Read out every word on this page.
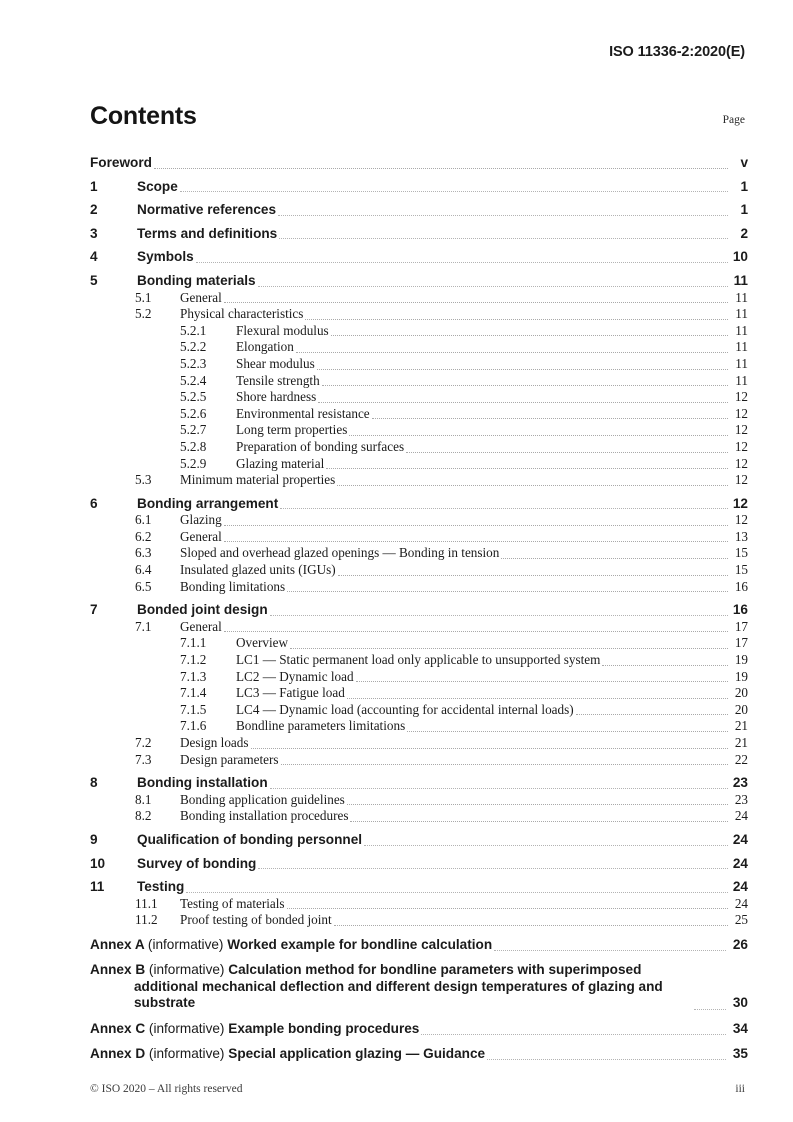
ISO 11336-2:2020(E)
Contents	Page
Foreword	v
1	Scope	1
2	Normative references	1
3	Terms and definitions	2
4	Symbols	10
5	Bonding materials	11
5.1	General	11
5.2	Physical characteristics	11
5.2.1	Flexural modulus	11
5.2.2	Elongation	11
5.2.3	Shear modulus	11
5.2.4	Tensile strength	11
5.2.5	Shore hardness	12
5.2.6	Environmental resistance	12
5.2.7	Long term properties	12
5.2.8	Preparation of bonding surfaces	12
5.2.9	Glazing material	12
5.3	Minimum material properties	12
6	Bonding arrangement	12
6.1	Glazing	12
6.2	General	13
6.3	Sloped and overhead glazed openings — Bonding in tension	15
6.4	Insulated glazed units (IGUs)	15
6.5	Bonding limitations	16
7	Bonded joint design	16
7.1	General	17
7.1.1	Overview	17
7.1.2	LC1 — Static permanent load only applicable to unsupported system	19
7.1.3	LC2 — Dynamic load	19
7.1.4	LC3 — Fatigue load	20
7.1.5	LC4 — Dynamic load (accounting for accidental internal loads)	20
7.1.6	Bondline parameters limitations	21
7.2	Design loads	21
7.3	Design parameters	22
8	Bonding installation	23
8.1	Bonding application guidelines	23
8.2	Bonding installation procedures	24
9	Qualification of bonding personnel	24
10	Survey of bonding	24
11	Testing	24
11.1	Testing of materials	24
11.2	Proof testing of bonded joint	25
Annex A (informative) Worked example for bondline calculation	26
Annex B (informative) Calculation method for bondline parameters with superimposed additional mechanical deflection and different design temperatures of glazing and substrate	30
Annex C (informative) Example bonding procedures	34
Annex D (informative) Special application glazing — Guidance	35
© ISO 2020 – All rights reserved	iii
